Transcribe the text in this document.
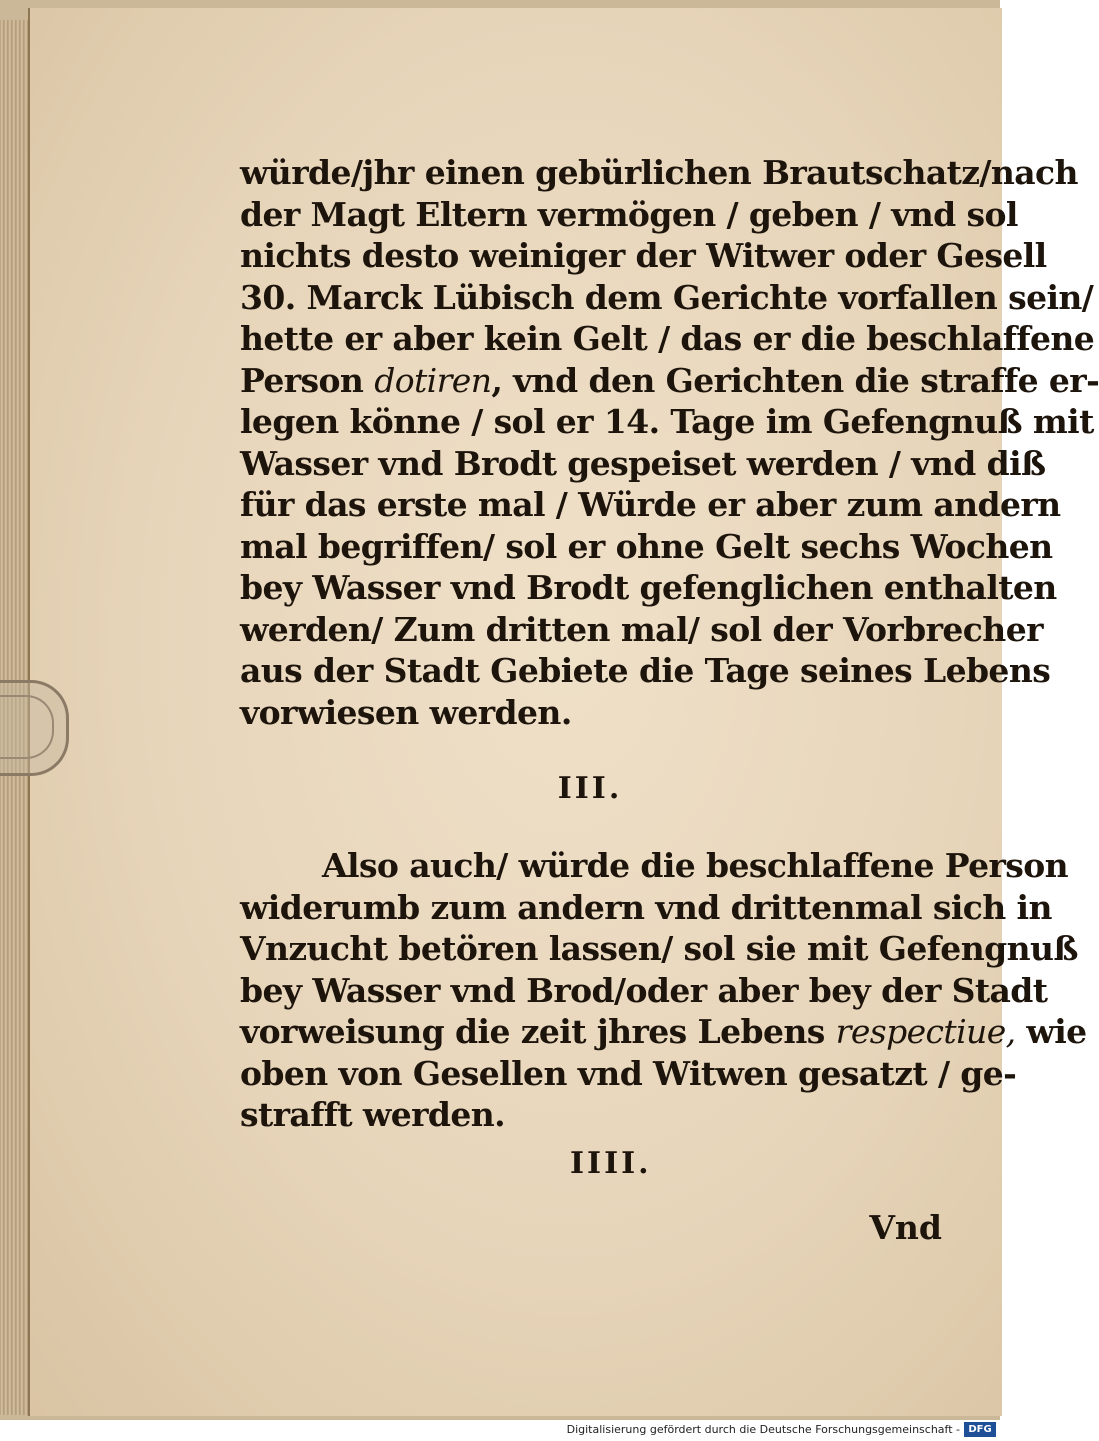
würde/jhr einen gebürlichen Brautschatz/nach
der Magt Eltern vermögen / geben / vnd sol
nichts desto weiniger der Witwer oder Gesell
30. Marck Lübisch dem Gerichte vorfallen sein/
hette er aber kein Gelt / das er die beschlaffene
Person dotiren, vnd den Gerichten die straffe er-
legen könne / sol er 14. Tage im Gefengnuß mit
Wasser vnd Brodt gespeiset werden / vnd diß
für das erste mal / Würde er aber zum andern
mal begriffen/ sol er ohne Gelt sechs Wochen
bey Wasser vnd Brodt gefenglichen enthalten
werden/ Zum dritten mal/ sol der Vorbrecher
aus der Stadt Gebiete die Tage seines Lebens
vorwiesen werden.
III.
Also auch/ würde die beschlaffene Person
widerumb zum andern vnd drittenmal sich in
Vnzucht betören lassen/ sol sie mit Gefengnuß
bey Wasser vnd Brod/oder aber bey der Stadt
vorweisung die zeit jhres Lebens respectiue, wie
oben von Gesellen vnd Witwen gesatzt / ge-
strafft werden.
IIII.
Vnd
Digitalisierung gefördert durch die Deutsche Forschungsgemeinschaft - DFG
